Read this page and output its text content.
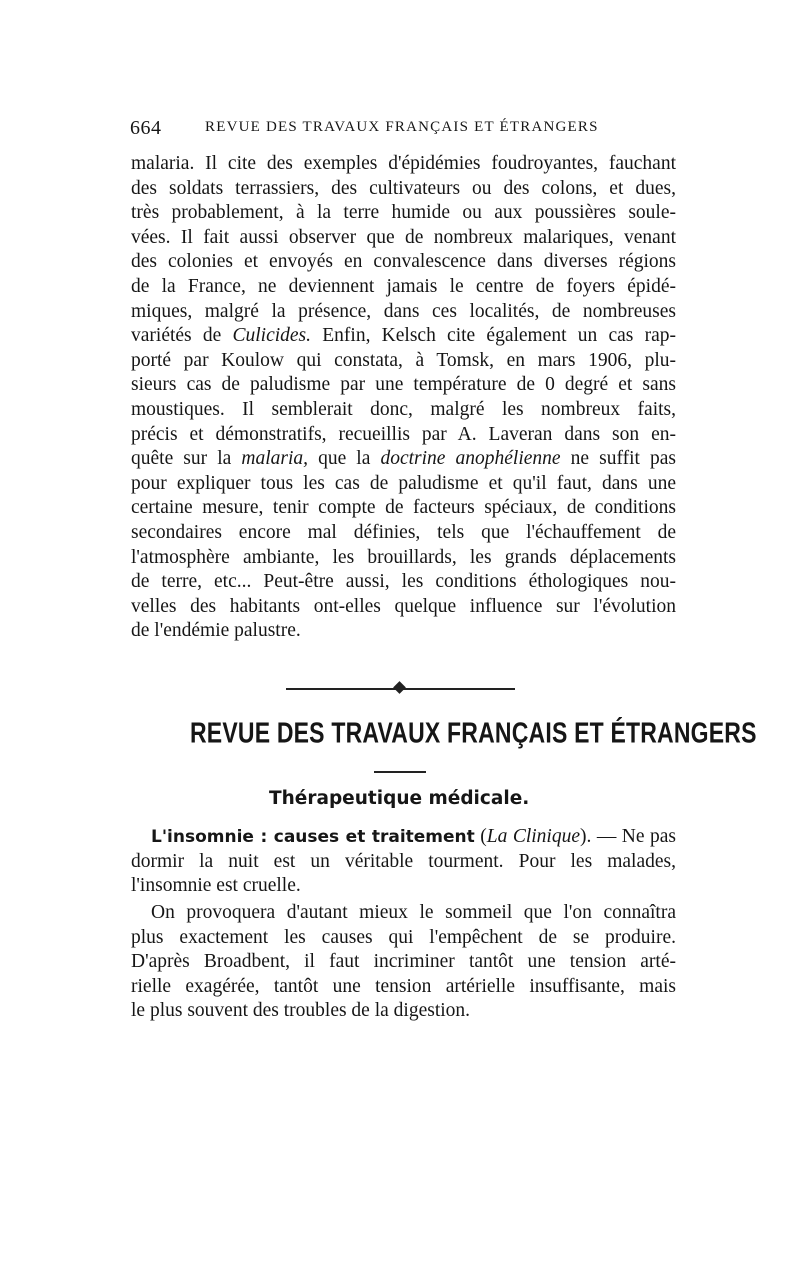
664	REVUE DES TRAVAUX FRANÇAIS ET ÉTRANGERS
malaria. Il cite des exemples d'épidémies foudroyantes, fauchant
des soldats terrassiers, des cultivateurs ou des colons, et dues,
très probablement, à la terre humide ou aux poussières soule-
vées. Il fait aussi observer que de nombreux malariques, venant
des colonies et envoyés en convalescence dans diverses régions
de la France, ne deviennent jamais le centre de foyers épidé-
miques, malgré la présence, dans ces localités, de nombreuses
variétés de Culicides. Enfin, Kelsch cite également un cas rap-
porté par Koulow qui constata, à Tomsk, en mars 1906, plu-
sieurs cas de paludisme par une température de 0 degré et sans
moustiques. Il semblerait donc, malgré les nombreux faits,
précis et démonstratifs, recueillis par A. Laveran dans son en-
quête sur la malaria, que la doctrine anophélienne ne suffit pas
pour expliquer tous les cas de paludisme et qu'il faut, dans une
certaine mesure, tenir compte de facteurs spéciaux, de conditions
secondaires encore mal définies, tels que l'échauffement de
l'atmosphère ambiante, les brouillards, les grands déplacements
de terre, etc... Peut-être aussi, les conditions éthologiques nou-
velles des habitants ont-elles quelque influence sur l'évolution
de l'endémie palustre.
REVUE DES TRAVAUX FRANÇAIS ET ÉTRANGERS
Thérapeutique médicale.
L'insomnie : causes et traitement (La Clinique). — Ne pas
dormir la nuit est un véritable tourment. Pour les malades,
l'insomnie est cruelle.
On provoquera d'autant mieux le sommeil que l'on connaîtra
plus exactement les causes qui l'empêchent de se produire.
D'après Broadbent, il faut incriminer tantôt une tension arté-
rielle exagérée, tantôt une tension artérielle insuffisante, mais
le plus souvent des troubles de la digestion.
